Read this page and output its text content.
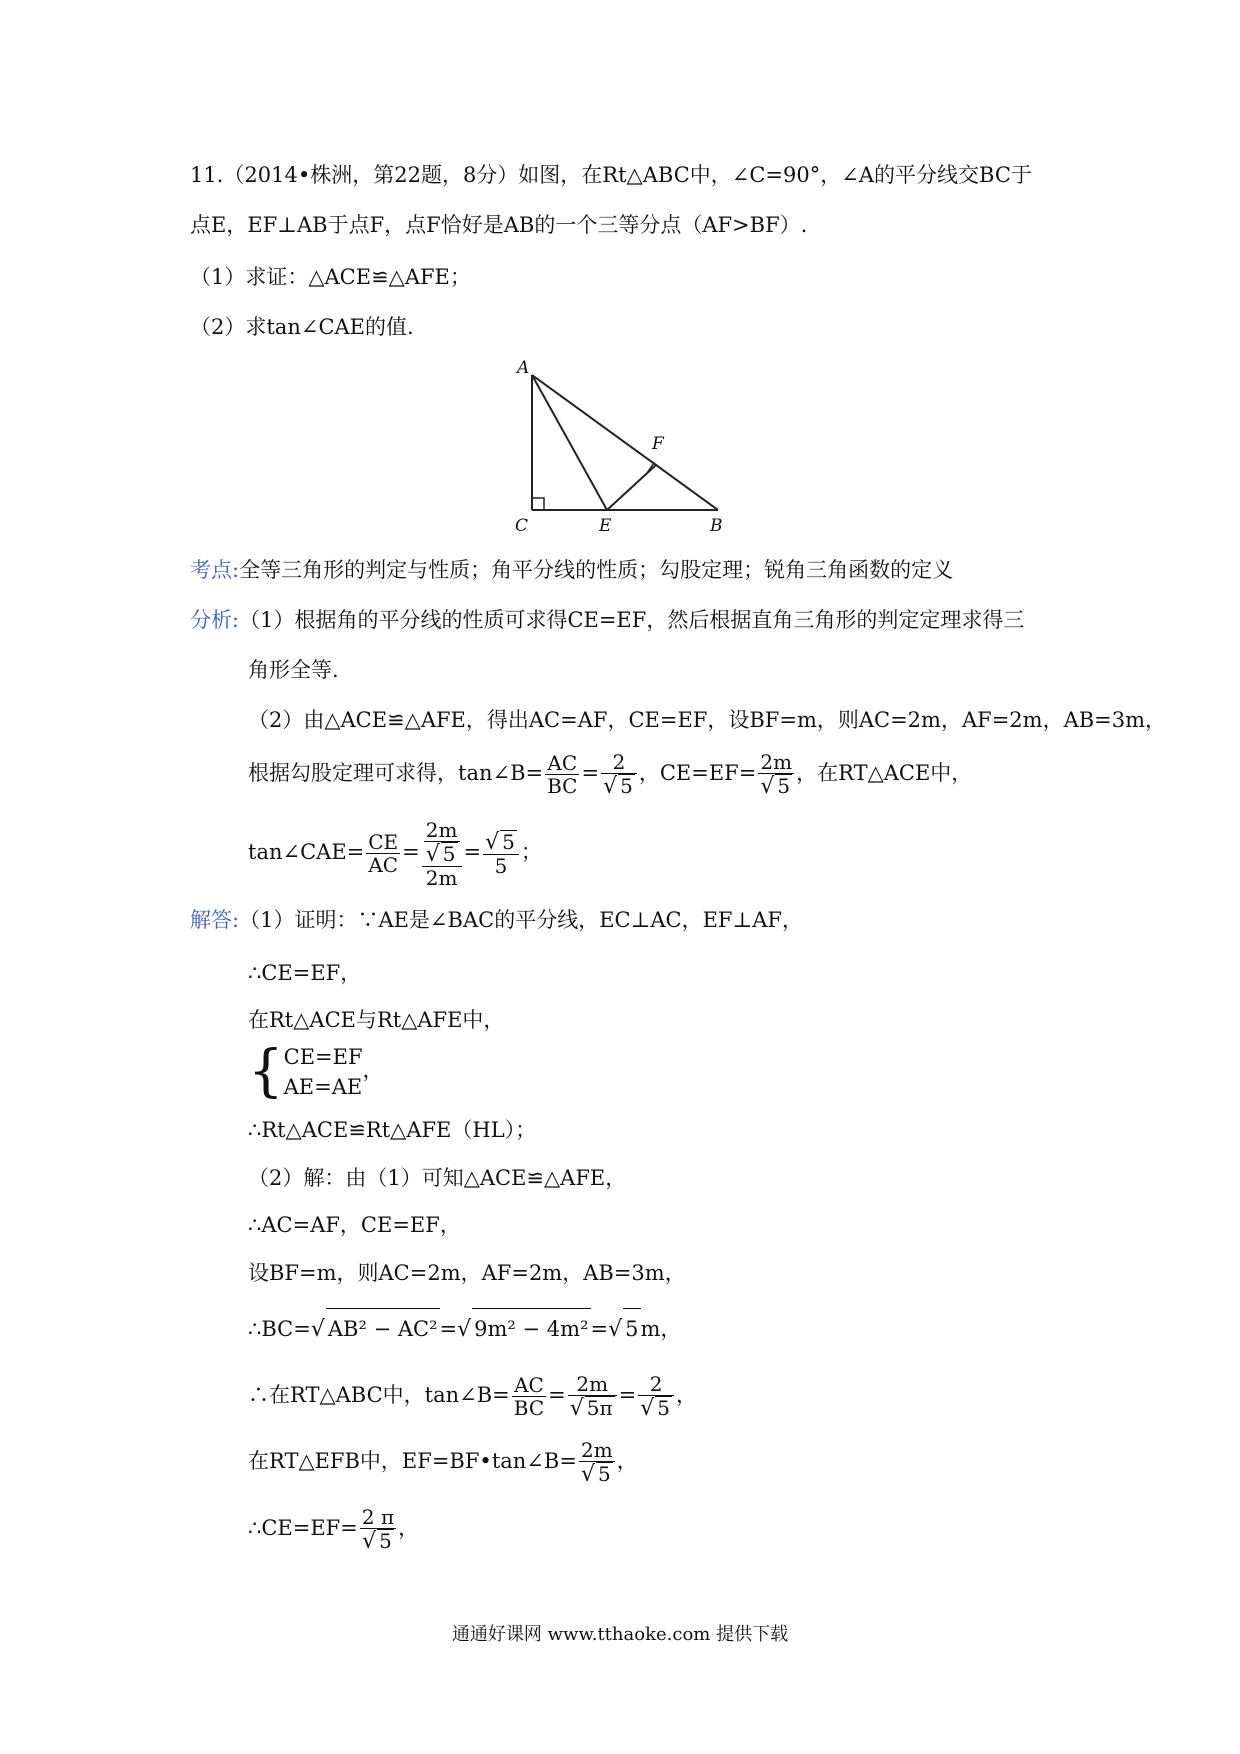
11.（2014•株洲，第22题，8分）如图，在Rt△ABC中，∠C=90°，∠A的平分线交BC于
点E，EF⊥AB于点F，点F恰好是AB的一个三等分点（AF>BF）.
（1）求证：△ACE≌△AFE；
（2）求tan∠CAE的值.
A
C	E	B
F
考点:全等三角形的判定与性质；角平分线的性质；勾股定理；锐角三角函数的定义
分析:（1）根据角的平分线的性质可求得CE=EF，然后根据直角三角形的判定定理求得三
角形全等.
（2）由△ACE≌△AFE，得出AC=AF，CE=EF，设BF=m，则AC=2m，AF=2m，AB=3m，
根据勾股定理可求得，tan∠B= $\frac{AC}{BC} = \frac{2}{√ 5}$ ，$CE=EF= \frac{2m}{√ 5}$ ，在RT△ACE中，
tan∠CAE= $\frac{CE}{AC} = \frac{\frac{2m}{√ 5}}{2m} = \frac{√ 5}{5}$ ；
解答:（1）证明：∵AE是∠BAC的平分线，EC⊥AC，EF⊥AF，
∴CE=EF，
在Rt△ACE与Rt△AFE中，
{ CE=EF
AE=AE
，
∴Rt△ACE≌Rt△AFE（HL）；
（2）解：由（1）可知△ACE≌△AFE，
∴AC=AF，CE=EF，
设BF=m，则AC=2m，AF=2m，AB=3m，
∴BC=√ AB² − AC²=√ 9m² − 4m²=√ 5m，
∴在RT△ABC中，tan∠B= $\frac{AC}{BC} = \frac{2m}{√ 5\pi} = \frac{2}{√ 5}$ ，
在RT△EFB中，EF=BF•tan∠B= $\frac{2m}{√ 5}$ ，
∴CE=EF= $\frac{2 \pi}{√ 5}$ ，
通通好课网 www.tthaoke.com 提供下载
